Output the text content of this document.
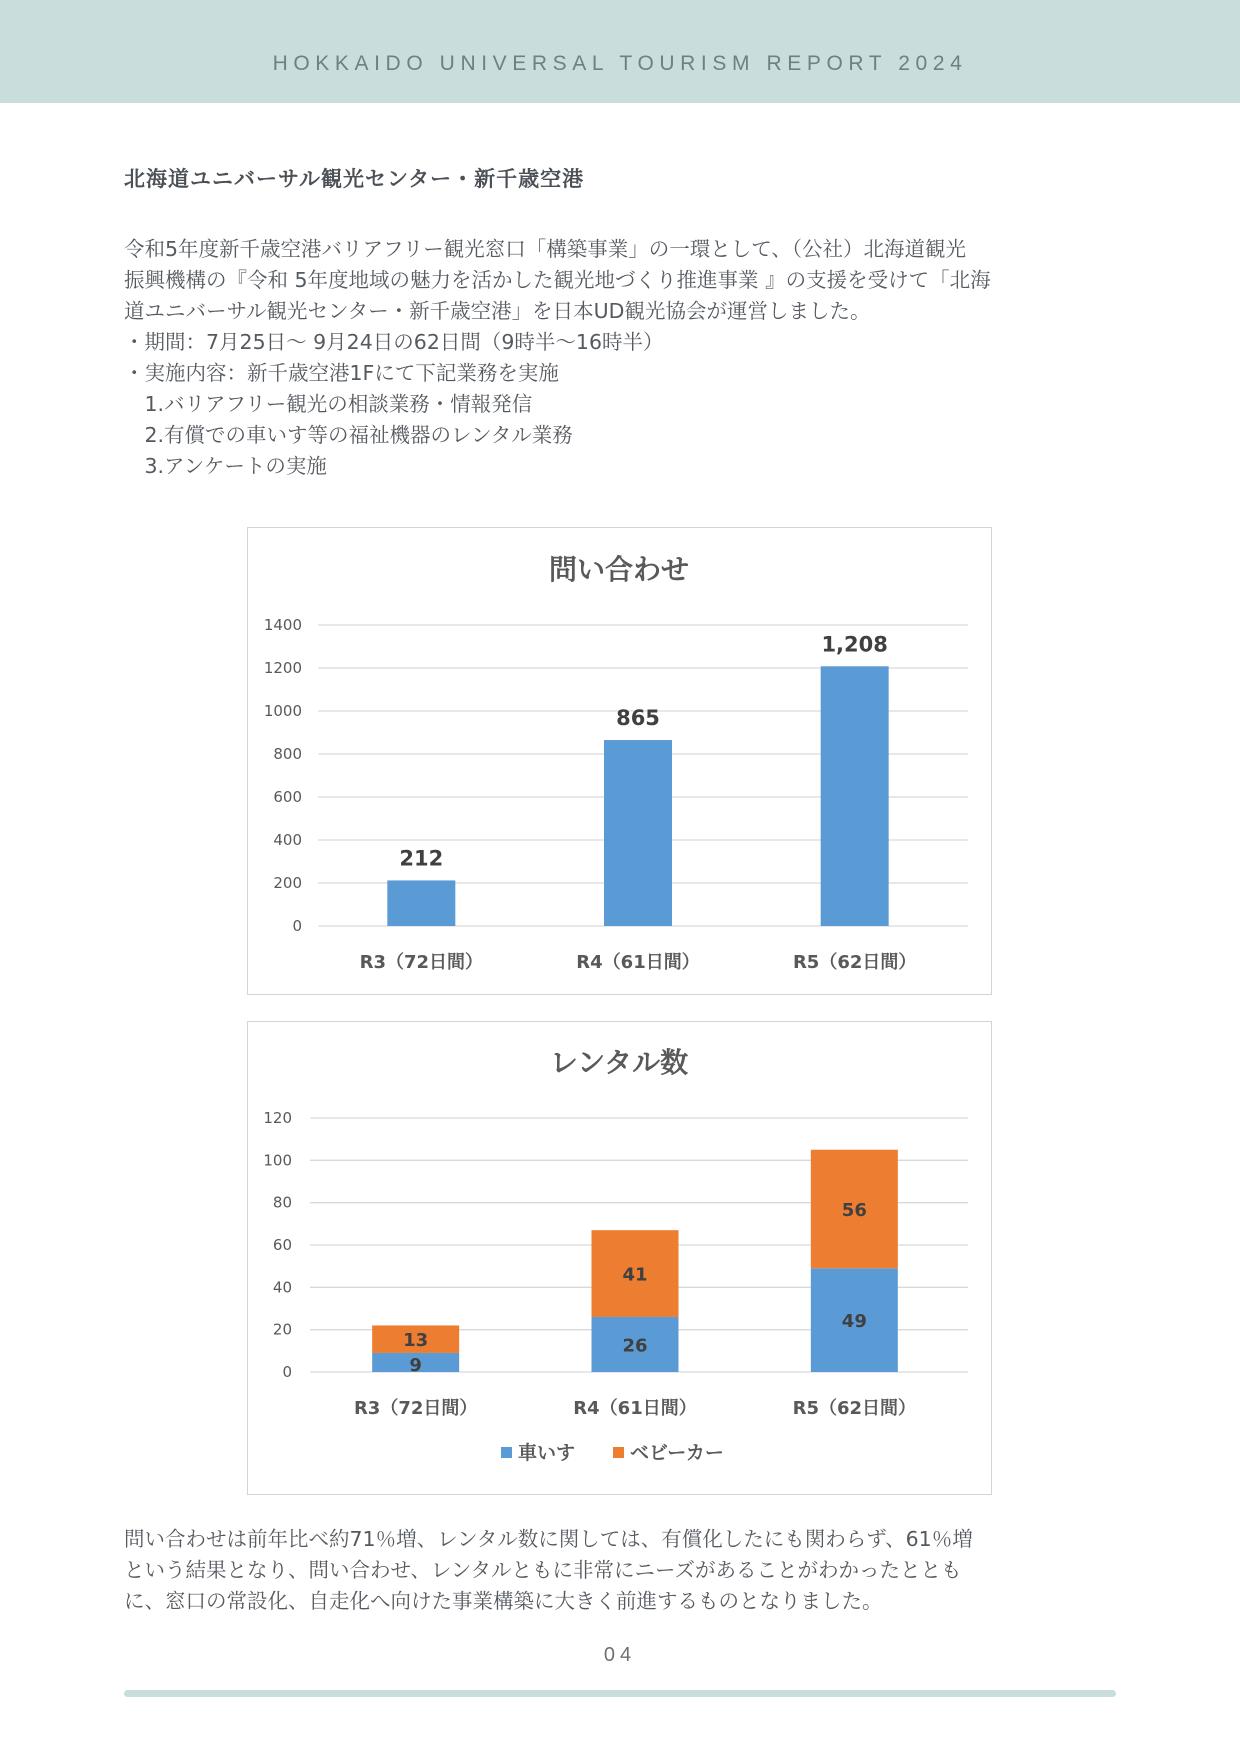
HOKKAIDO UNIVERSAL TOURISM REPORT 2024
北海道ユニバーサル観光センター・新千歳空港

令和5年度新千歳空港バリアフリー観光窓口「構築事業」の一環として、（公社）北海道観光

振興機構の『令和 5年度地域の魅力を活かした観光地づくり推進事業 』の支援を受けて「北海

道ユニバーサル観光センター・新千歳空港」を日本UD観光協会が運営しました。

・期間：7月25日～ 9月24日の62日間（9時半～16時半）

・実施内容：新千歳空港1Fにて下記業務を実施

　1.バリアフリー観光の相談業務・情報発信

　2.有償での車いす等の福祉機器のレンタル業務

　3.アンケートの実施

問い合わせ
0
200
400
600
800
1000
1200
1400
212
R3（72日間）
865
R4（61日間）
1,208
R5（62日間）
レンタル数
0
20
40
60
80
100
120
9
13
R3（72日間）
26
41
R4（61日間）
49
56
R5（62日間）
車いす	ベビーカー

問い合わせは前年比べ約71％増、レンタル数に関しては、有償化したにも関わらず、61％増

という結果となり、問い合わせ、レンタルともに非常にニーズがあることがわかったととも

に、窓口の常設化、自走化へ向けた事業構築に大きく前進するものとなりました。

04
